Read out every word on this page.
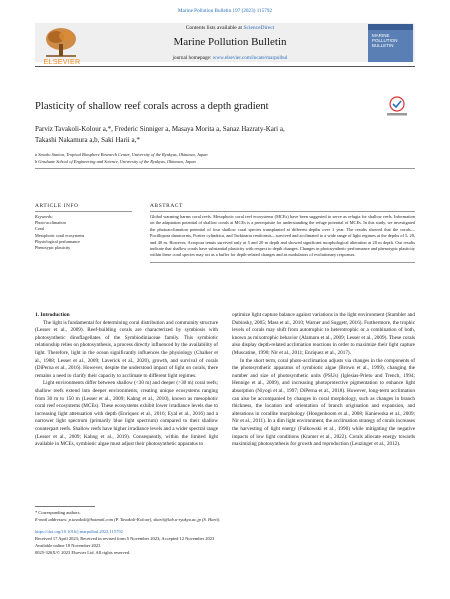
Marine Pollution Bulletin 197 (2023) 115792
ELSEVIER
Contents lists available at ScienceDirect
Marine Pollution Bulletin
journal homepage: www.elsevier.com/locate/marpolbul
MARINE POLLUTION BULLETIN
Plasticity of shallow reef corals across a depth gradient
Parviz Tavakoli-Kolour a,*, Frederic Sinniger a, Masaya Morita a, Sanaz Hazraty-Kari a,
Takashi Nakamura a,b, Saki Harii a,*
a Sesoko Station, Tropical Biosphere Research Center, University of the Ryukyus, Okinawa, Japan
b Graduate School of Engineering and Science, University of the Ryukyus, Okinawa, Japan
ARTICLE INFO	ABSTRACT
Keywords:
Photo-acclimation
Coral
Mesophotic coral ecosystems
Physiological performance
Phenotypic plasticity
Global warming harms coral reefs. Mesophotic coral reef ecosystems (MCEs) have been suggested to serve as refugia for shallow reefs. Information on the adaptation potential of shallow corals at MCEs is a prerequisite for understanding the refuge potential of MCEs. In this study, we investigated the photoacclimation potential of four shallow coral species transplanted at different depths over 1 year. The results showed that the corals—Pocillopora damicornis, Porites cylindrica, and Turbinaria reniformis—survived and acclimated to a wide range of light regimes at the depths of 5, 20, and 40 m. However, Acropora tenuis survived only at 5 and 20 m depth and showed significant morphological alteration at 20 m depth. Our results indicate that shallow corals have substantial plasticity with respect to depth changes. Changes in photosynthetic performance and phenotypic plasticity within these coral species may act as a buffer for depth-related changes and as modulators of evolutionary responses.

1. Introduction

The light is fundamental for determining coral distribution and community structure (Lesser et al., 2009). Reef-building corals are characterized by symbiosis with photosynthetic dinoflagellates of the Symbiodiniaceae family. This symbiotic relationship relies on photosynthesis, a process directly influenced by the availability of light. Therefore, light in the ocean significantly influences the physiology (Chalker et al., 1988; Lesser et al., 2009; Laverick et al., 2020), growth, and survival of corals (DiPerna et al., 2016). However, despite the understood impact of light on corals, there remains a need to clarify their capacity to acclimate to different light regimes.

Light environments differ between shallow (<30 m) and deeper (>30 m) coral reefs; shallow reefs extend into deeper environments, creating unique ecosystems ranging from 30 m to 150 m (Lesser et al., 2009; Kahng et al., 2010), known as mesophotic coral reef ecosystems (MCEs). These ecosystems exhibit lower irradiance levels due to increasing light attenuation with depth (Enríquez et al., 2016; Eyal et al., 2016) and a narrower light spectrum (primarily blue light spectrum) compared to their shallow counterpart reefs. Shallow reefs have higher irradiance levels and a wider spectral range (Lesser et al., 2009; Kahng et al., 2019). Consequently, within the limited light available in MCEs, symbiotic algae must adjust their photosynthetic apparatus to

optimize light capture balance against variations in the light environment (Stambler and Dubinsky, 2005; Mass et al., 2010; Warner and Suggett, 2016). Furthermore, the trophic levels of corals may shift from autotrophic to heterotrophic or a combination of both, known as mixotrophic behavior (Alamaru et al., 2009; Lesser et al., 2009). These corals also display depth-related acclimation reactions in order to maximize their light capture (Muscatine, 1990; Nir et al., 2011; Enríquez et al., 2017).

In the short term, coral photo-acclimation adjusts via changes in the components of the photosynthetic apparatus of symbiotic algae (Brown et al., 1999), changing the number and size of photosynthetic units (PSUs) (Iglesias-Prieto and Trench, 1994; Hennige et al., 2009), and increasing photoprotective pigmentation to enhance light absorption (Niyogi et al., 1997; DiPerna et al., 2018). However, long-term acclimation can also be accompanied by changes in coral morphology, such as changes in branch thickness, the location and orientation of branch origination and expansion, and alterations in corallite morphology (Hoogenboom et al., 2008; Kaniewska et al., 2009; Nir et al., 2011). In a dim light environment, the acclimation strategy of corals increases the harvesting of light energy (Falkowski et al., 1990) while mitigating the negative impacts of low light conditions (Kramer et al., 2022). Corals allocate energy towards maximizing photosynthesis for growth and reproduction (Leuzinger et al., 2012).

* Corresponding authors.
E-mail addresses: p.tavakoli@hotmail.com (P. Tavakoli-Kolour), sharii@lab.u-ryukyu.ac.jp (S. Harii).
https://doi.org/10.1016/j.marpolbul.2023.115792
Received 17 April 2023; Received in revised form 5 November 2023; Accepted 12 November 2023
Available online 18 November 2023
0025-326X/© 2023 Elsevier Ltd. All rights reserved.
